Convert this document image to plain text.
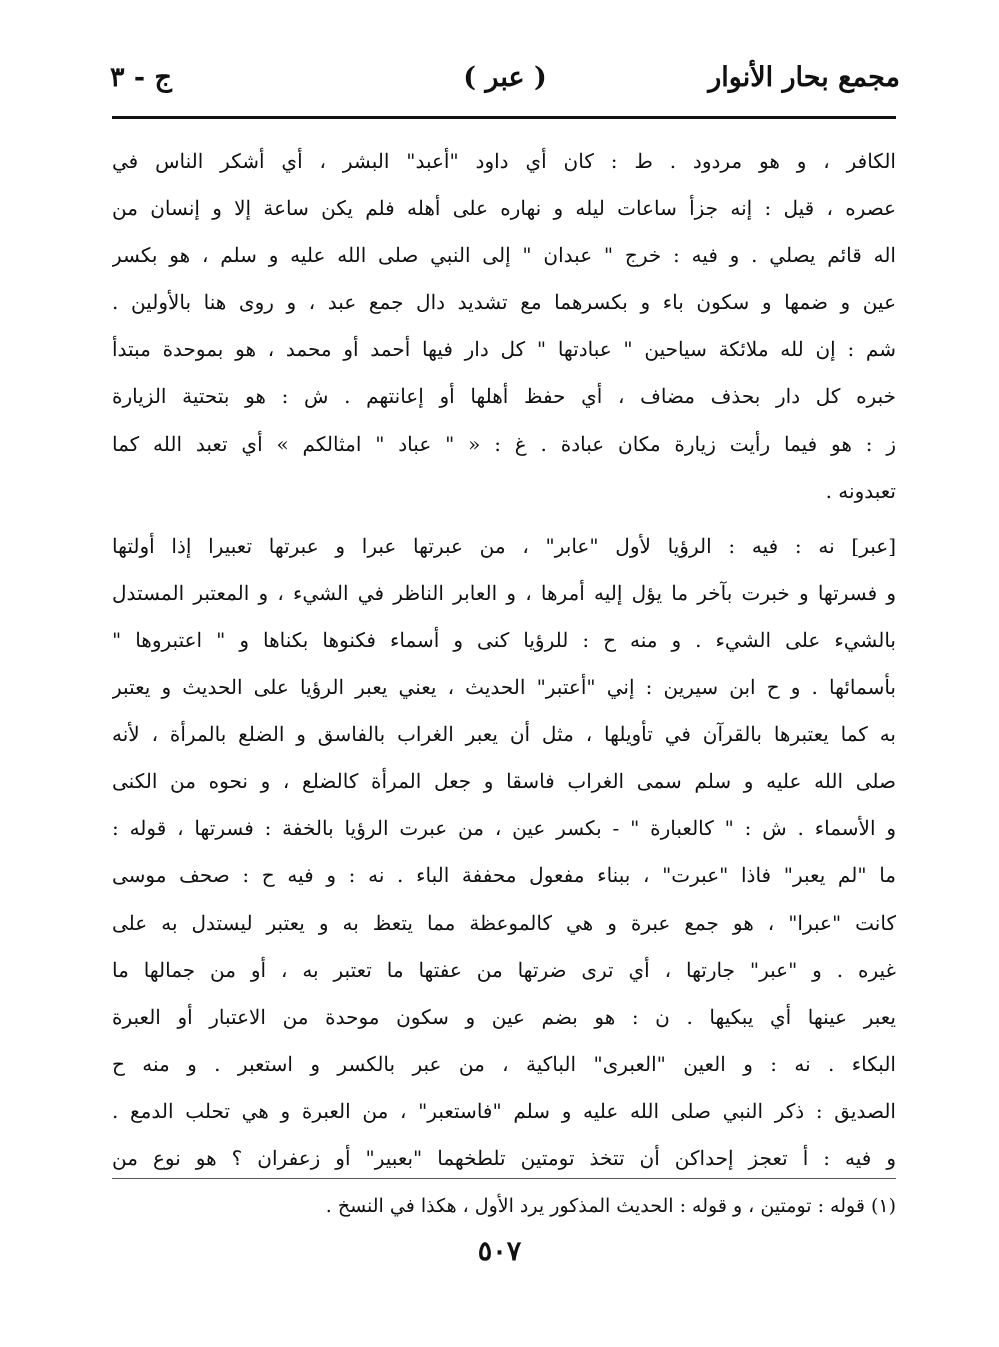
مجمع بحار الأنوار
( عبر )
ج - ٣
الكافر ، و هو مردود . ط : كان أي داود "أعبد" البشر ، أي أشكر الناس في
عصره ، قيل : إنه جزأ ساعات ليله و نهاره على أهله فلم يكن ساعة إلا و إنسان من
اله قائم يصلي . و فيه : خرج " عبدان " إلى النبي صلى الله عليه و سلم ، هو بكسر
عين و ضمها و سكون باء و بكسرهما مع تشديد دال جمع عبد ، و روى هنا بالأولين .
شم : إن لله ملائكة سياحين " عبادتها " كل دار فيها أحمد أو محمد ، هو بموحدة مبتدأ
خبره كل دار بحذف مضاف ، أي حفظ أهلها أو إعانتهم . ش : هو بتحتية الزيارة
ز : هو فيما رأيت زيارة مكان عبادة . غ : « " عباد " امثالكم » أي تعبد الله كما
تعبدونه .
[عبر] نه : فيه : الرؤيا لأول "عابر" ، من عبرتها عبرا و عبرتها تعبيرا إذا أولتها
و فسرتها و خبرت بآخر ما يؤل إليه أمرها ، و العابر الناظر في الشيء ، و المعتبر المستدل
بالشيء على الشيء . و منه ح : للرؤيا كنى و أسماء فكنوها بكناها و " اعتبروها "
بأسمائها . و ح ابن سيرين : إني "أعتبر" الحديث ، يعني يعبر الرؤيا على الحديث و يعتبر
به كما يعتبرها بالقرآن في تأويلها ، مثل أن يعبر الغراب بالفاسق و الضلع بالمرأة ، لأنه
صلى الله عليه و سلم سمى الغراب فاسقا و جعل المرأة كالضلع ، و نحوه من الكنى
و الأسماء . ش : " كالعبارة " - بكسر عين ، من عبرت الرؤيا بالخفة : فسرتها ، قوله :
ما "لم يعبر" فاذا "عبرت" ، ببناء مفعول محففة الباء . نه : و فيه ح : صحف موسى
كانت "عبرا" ، هو جمع عبرة و هي كالموعظة مما يتعظ به و يعتبر ليستدل به على
غيره . و "عبر" جارتها ، أي ترى ضرتها من عفتها ما تعتبر به ، أو من جمالها ما
يعبر عينها أي يبكيها . ن : هو بضم عين و سكون موحدة من الاعتبار أو العبرة
البكاء . نه : و العين "العبرى" الباكية ، من عبر بالكسر و استعبر . و منه ح
الصديق : ذكر النبي صلى الله عليه و سلم "فاستعبر" ، من العبرة و هي تحلب الدمع .
و فيه : أ تعجز إحداكن أن تتخذ تومتين تلطخهما "بعبير" أو زعفران ؟ هو نوع من
(١) قوله : تومتين ، و قوله : الحديث المذكور يرد الأول ، هكذا في النسخ .
٥٠٧
